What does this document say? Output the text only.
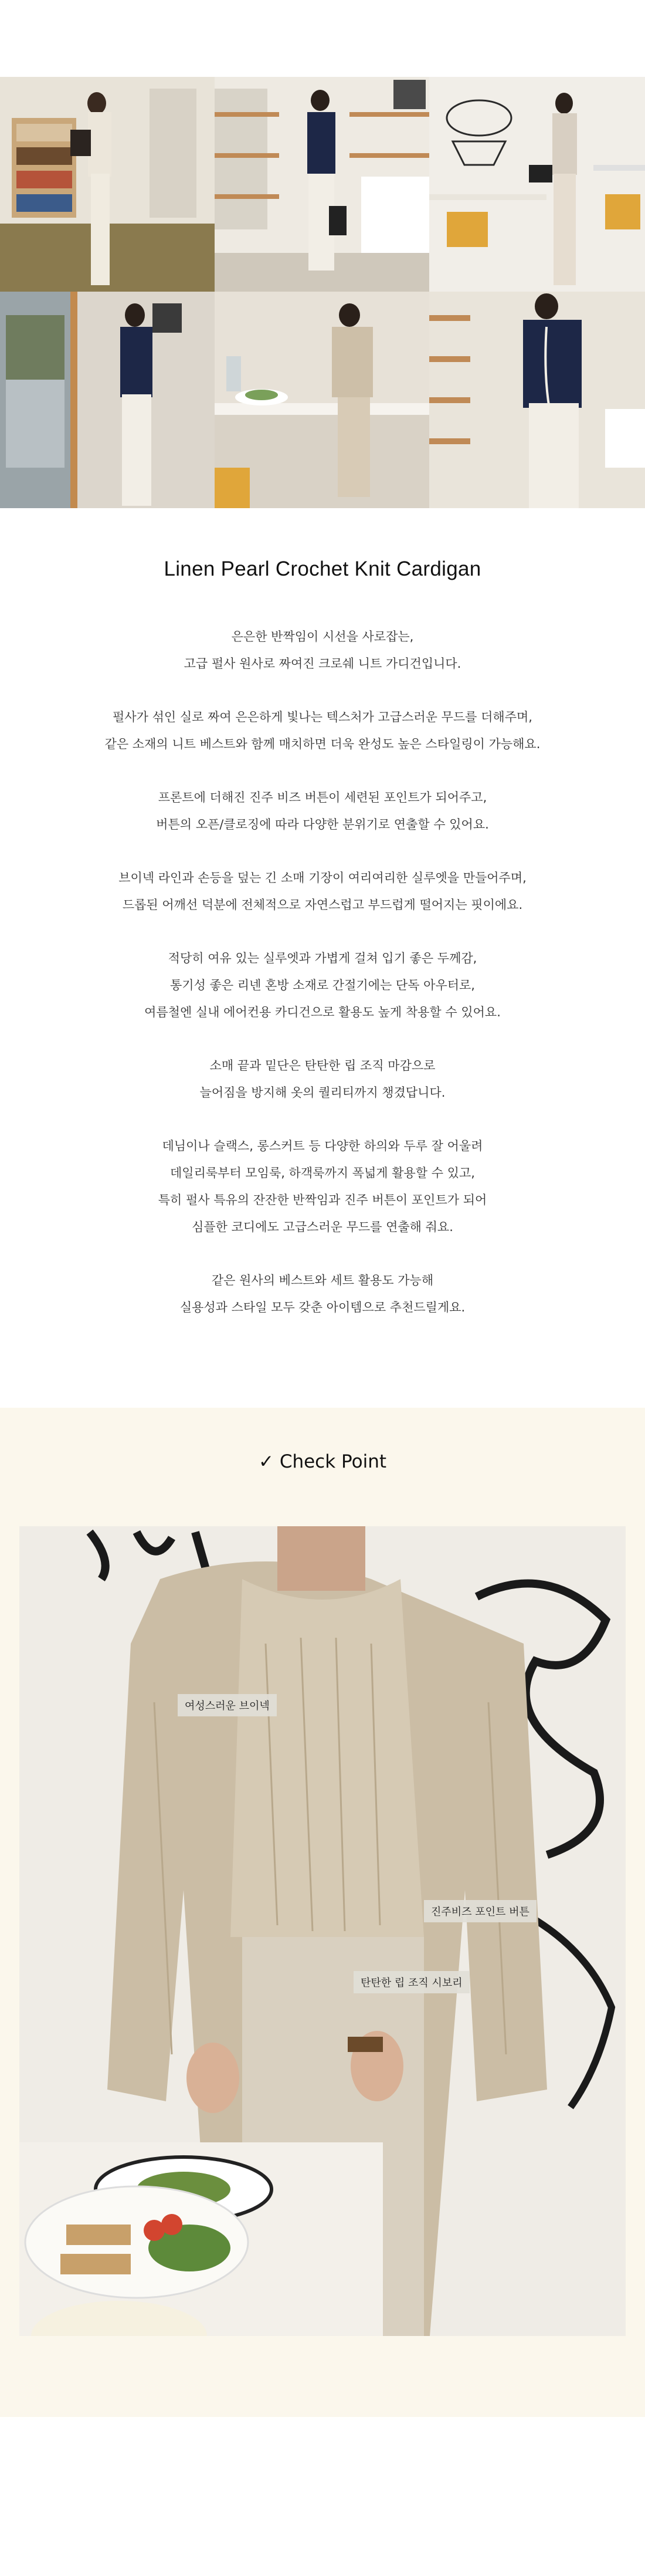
Linen Pearl Crochet Knit Cardigan

은은한 반짝임이 시선을 사로잡는,

고급 펄사 원사로 짜여진 크로쉐 니트 가디건입니다.

펄사가 섞인 실로 짜여 은은하게 빛나는 텍스처가 고급스러운 무드를 더해주며,

같은 소재의 니트 베스트와 함께 매치하면 더욱 완성도 높은 스타일링이 가능해요.

프론트에 더해진 진주 비즈 버튼이 세련된 포인트가 되어주고,

버튼의 오픈/클로징에 따라 다양한 분위기로 연출할 수 있어요.

브이넥 라인과 손등을 덮는 긴 소매 기장이 여리여리한 실루엣을 만들어주며,

드롭된 어깨선 덕분에 전체적으로 자연스럽고 부드럽게 떨어지는 핏이에요.

적당히 여유 있는 실루엣과 가볍게 걸쳐 입기 좋은 두께감,

통기성 좋은 리넨 혼방 소재로 간절기에는 단독 아우터로,

여름철엔 실내 에어컨용 카디건으로 활용도 높게 착용할 수 있어요.

소매 끝과 밑단은 탄탄한 립 조직 마감으로

늘어짐을 방지해 옷의 퀄리티까지 챙겼답니다.

데님이나 슬랙스, 롱스커트 등 다양한 하의와 두루 잘 어울려

데일리룩부터 모임룩, 하객룩까지 폭넓게 활용할 수 있고,

특히 펄사 특유의 잔잔한 반짝임과 진주 버튼이 포인트가 되어

심플한 코디에도 고급스러운 무드를 연출해 줘요.

같은 원사의 베스트와 세트 활용도 가능해

실용성과 스타일 모두 갖춘 아이템으로 추천드릴게요.

✓ Check Point
여성스러운 브이넥
진주비즈 포인트 버튼
탄탄한 립 조직 시보리
